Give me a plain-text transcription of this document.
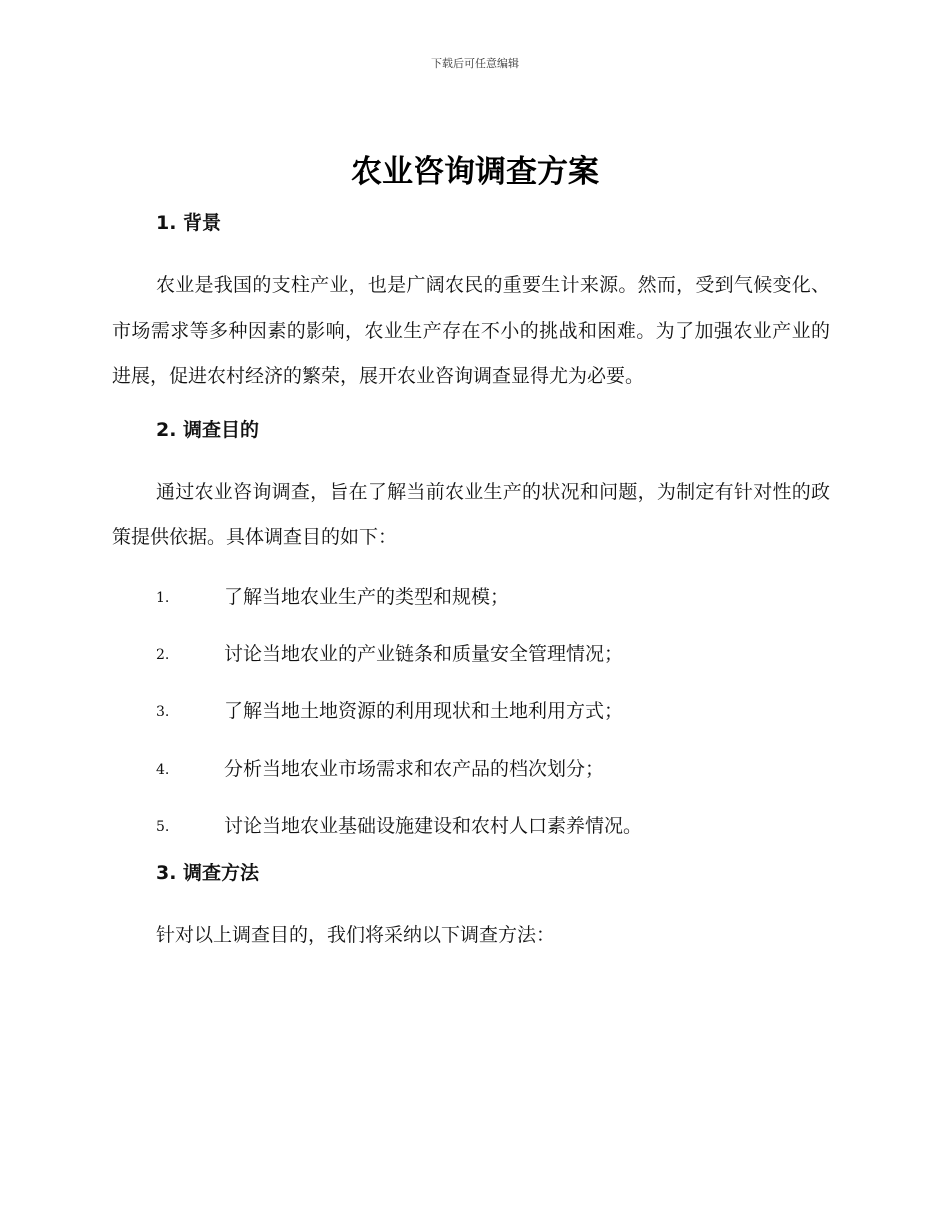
下载后可任意编辑
农业咨询调查方案
1. 背景

农业是我国的支柱产业，也是广阔农民的重要生计来源。然而，受到气候变化、市场需求等多种因素的影响，农业生产存在不小的挑战和困难。为了加强农业产业的进展，促进农村经济的繁荣，展开农业咨询调查显得尤为必要。

2. 调查目的

通过农业咨询调查，旨在了解当前农业生产的状况和问题，为制定有针对性的政策提供依据。具体调查目的如下：

1.	了解当地农业生产的类型和规模；
2.	讨论当地农业的产业链条和质量安全管理情况；
3.	了解当地土地资源的利用现状和土地利用方式；
4.	分析当地农业市场需求和农产品的档次划分；
5.	讨论当地农业基础设施建设和农村人口素养情况。
3. 调查方法

针对以上调查目的，我们将采纳以下调查方法：
